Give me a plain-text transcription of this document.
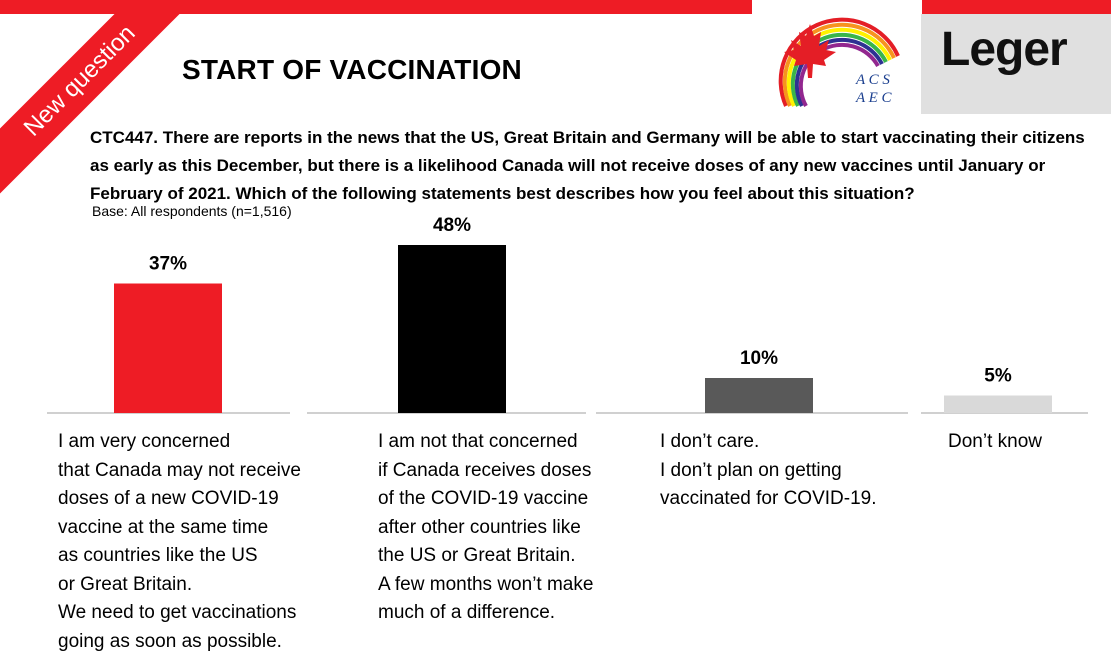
New question	START OF VACCINATION	A C S
A E C
Leger
CTC447. There are reports in the news that the US, Great Britain and Germany will be able to start vaccinating their citizens as early as this December, but there is a likelihood Canada will not receive doses of any new vaccines until January or February of 2021. Which of the following statements best describes how you feel about this situation?
Base: All respondents (n=1,516)
37%
48%
10%
5%
I am very concerned
that Canada may not receive
doses of a new COVID-19
vaccine at the same time
as countries like the US
or Great Britain.
We need to get vaccinations
going as soon as possible.
I am not that concerned
if Canada receives doses
of the COVID-19 vaccine
after other countries like
the US or Great Britain.
A few months won’t make
much of a difference.
I don’t care.
I don’t plan on getting
vaccinated for COVID-19.
Don’t know
